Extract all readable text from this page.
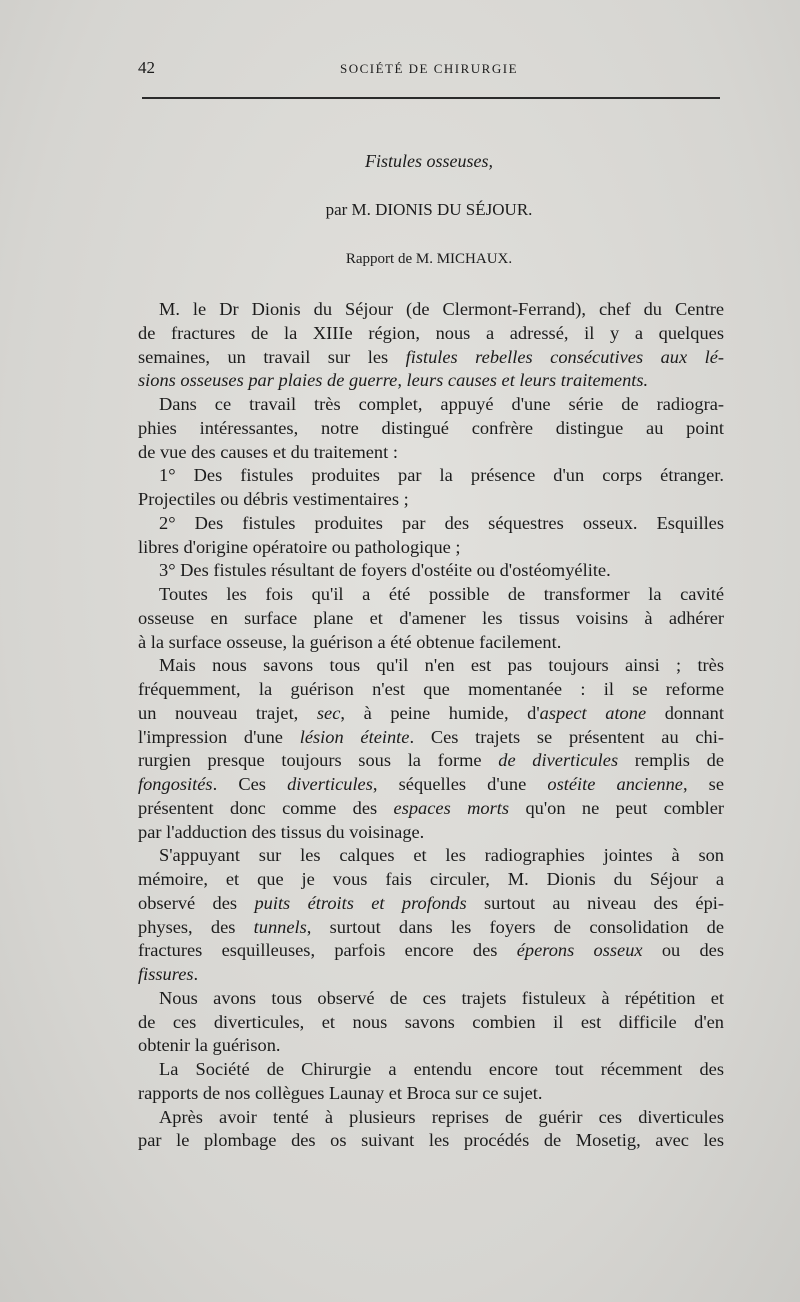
42	SOCIÉTÉ DE CHIRURGIE
Fistules osseuses,
par M. DIONIS DU SÉJOUR.
Rapport de M. MICHAUX.
M. le Dr Dionis du Séjour (de Clermont-Ferrand), chef du Centre
de fractures de la XIIIe région, nous a adressé, il y a quelques
semaines, un travail sur les fistules rebelles consécutives aux lé-
sions osseuses par plaies de guerre, leurs causes et leurs traitements.
Dans ce travail très complet, appuyé d'une série de radiogra-
phies intéressantes, notre distingué confrère distingue au point
de vue des causes et du traitement :
1° Des fistules produites par la présence d'un corps étranger.
Projectiles ou débris vestimentaires ;
2° Des fistules produites par des séquestres osseux. Esquilles
libres d'origine opératoire ou pathologique ;
3° Des fistules résultant de foyers d'ostéite ou d'ostéomyélite.
Toutes les fois qu'il a été possible de transformer la cavité
osseuse en surface plane et d'amener les tissus voisins à adhérer
à la surface osseuse, la guérison a été obtenue facilement.
Mais nous savons tous qu'il n'en est pas toujours ainsi ; très
fréquemment, la guérison n'est que momentanée : il se reforme
un nouveau trajet, sec, à peine humide, d'aspect atone donnant
l'impression d'une lésion éteinte. Ces trajets se présentent au chi-
rurgien presque toujours sous la forme de diverticules remplis de
fongosités. Ces diverticules, séquelles d'une ostéite ancienne, se
présentent donc comme des espaces morts qu'on ne peut combler
par l'adduction des tissus du voisinage.
S'appuyant sur les calques et les radiographies jointes à son
mémoire, et que je vous fais circuler, M. Dionis du Séjour a
observé des puits étroits et profonds surtout au niveau des épi-
physes, des tunnels, surtout dans les foyers de consolidation de
fractures esquilleuses, parfois encore des éperons osseux ou des
fissures.
Nous avons tous observé de ces trajets fistuleux à répétition et
de ces diverticules, et nous savons combien il est difficile d'en
obtenir la guérison.
La Société de Chirurgie a entendu encore tout récemment des
rapports de nos collègues Launay et Broca sur ce sujet.
Après avoir tenté à plusieurs reprises de guérir ces diverticules
par le plombage des os suivant les procédés de Mosetig, avec les
